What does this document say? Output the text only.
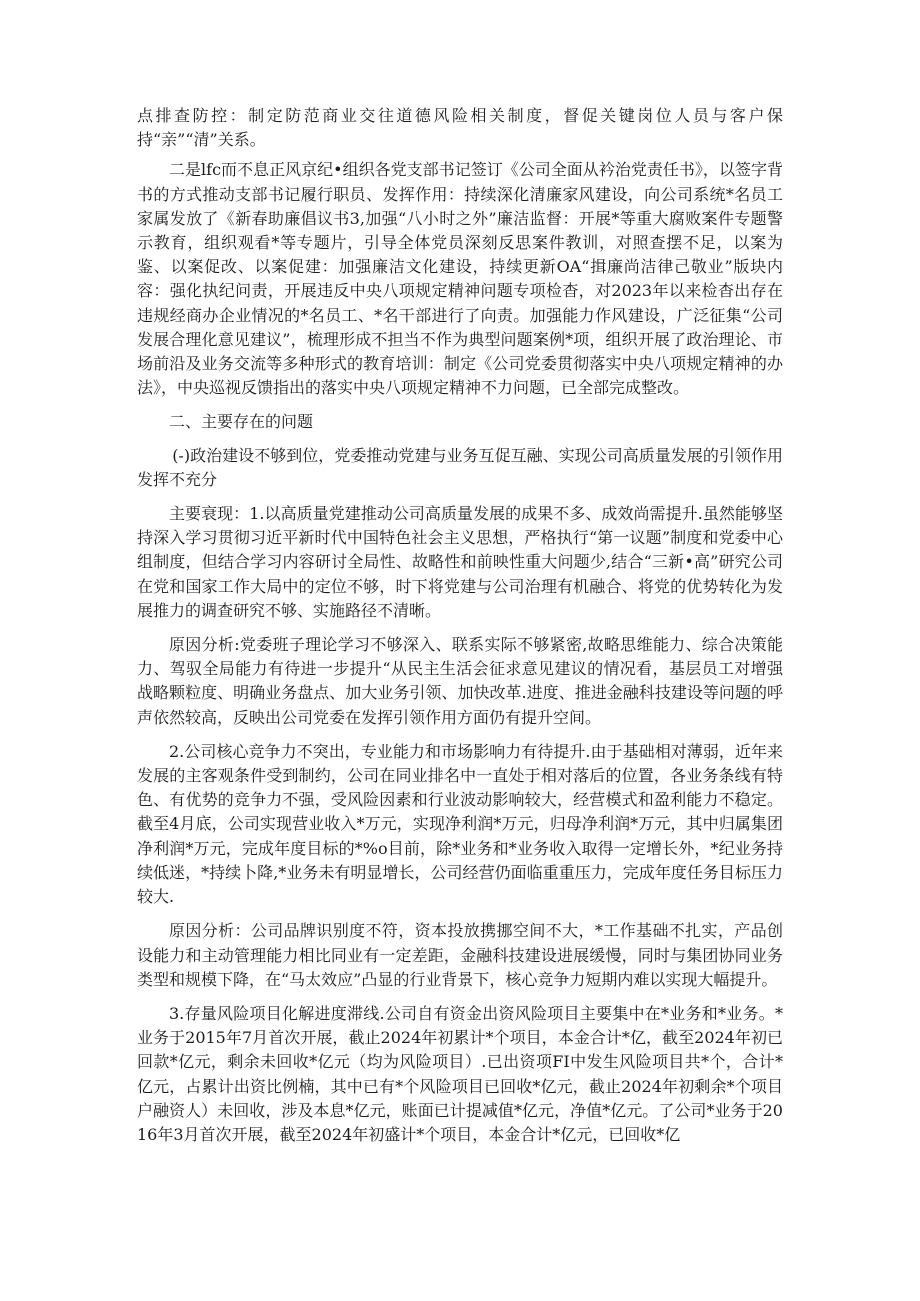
点排查防控：制定防范商业交往道德风险相关制度，督促关键岗位人员与客户保持“亲”“清”关系。

二是lfc而不息正风京纪•组织各党支部书记签订《公司全面从衿治党责任书》，以签字背书的方式推动支部书记履行职员、发挥作用：持续深化清廉家风建设，向公司系统*名员工家属发放了《新春助廉倡议书3,加强“八小时之外”廉洁监督：开展*等重大腐败案件专题警示教育，组织观看*等专题片，引导全体党员深刻反思案件教训，对照查摆不足，以案为鉴、以案促改、以案促建：加强廉洁文化建设，持续更新OA“揖廉尚洁律己敬业”版块内容：强化执纪问责，开展违反中央八项规定精神问题专项检杳，对2023年以来检杳出存在违规经商办企业情况的*名员工、*名干部进行了向责。加强能力作风建设，广泛征集“公司发展合理化意见建议”，梳理形成不担当不作为典型问题案例*项，组织开展了政治理论、市场前沿及业务交流等多种形式的教育培训：制定《公司党委贯彻落实中央八项规定精神的办法》，中央巡视反馈指出的落实中央八项规定精神不力问题，已全部完成整改。

二、主要存在的问题

(-)政治建设不够到位，党委推动党建与业务互促互融、实现公司高质量发展的引领作用发挥不充分

主要衰现：1.以高质量党建推动公司高质量发展的成果不多、成效尚需提升.虽然能够坚持深入学习贯彻习近平新时代中国特色社会主义思想，严格执行“第一议题”制度和党委中心组制度，但结合学习内容研讨全局性、故略性和前映性重大问题少,结合“三新•高”研究公司在党和国家工作大局中的定位不够，时下将党建与公司治理有机融合、将党的优势转化为发展推力的调查研究不够、实施路径不清晰。

原因分析:党委班子理论学习不够深入、联系实际不够紧密,故略思维能力、综合决策能力、驾驭全局能力有待进一步提升“从民主生活会征求意见建议的情况看，基层员工对增强战略颗粒度、明确业务盘点、加大业务引领、加快改革.进度、推进金融科技建设等问题的呼声依然较高，反映出公司党委在发挥引领作用方面仍有提升空间。

2.公司核心竞争力不突出，专业能力和市场影响力有待提升.由于基础相对薄弱，近年来发展的主客观条件受到制约，公司在同业排名中一直处于相对落后的位置，各业务条线有特色、有优势的竞争力不强，受风险因素和行业波动影响较大，经营模式和盈利能力不稳定。截至4月底，公司实现营业收入*万元，实现净利润*万元，归母净利润*万元，其中归属集团净利润*万元，完成年度目标的*%o目前，除*业务和*业务收入取得一定增长外，*纪业务持续低迷，*持续卜降,*业务未有明显增长，公司经营仍面临重重压力，完成年度任务目标压力较大.

原因分析：公司品牌识别度不符，资本投放携挪空间不大，*工作基础不扎实，产品创设能力和主动管理能力相比同业有一定差距，金融科技建设进展缓慢，同时与集团协同业务类型和规模下降，在“马太效应”凸显的行业背景下，核心竞争力短期内难以实现大幅提升。

3.存量风险项目化解进度滞线.公司自有资金出资风险项目主要集中在*业务和*业务。*业务于2015年7月首次开展，截止2024年初累计*个项目，本金合计*亿，截至2024年初已回款*亿元，剩余未回收*亿元（均为风险项目）.已出资项FI中发生风险项目共*个，合计*亿元，占累计出资比例楠，其中已有*个风险项目已回收*亿元，截止2024年初剩余*个项目户融资人）未回收，涉及本息*亿元，账面已计提减值*亿元，净值*亿元。了公司*业务于2016年3月首次开展，截至2024年初盛计*个项目，本金合计*亿元，已回收*亿
